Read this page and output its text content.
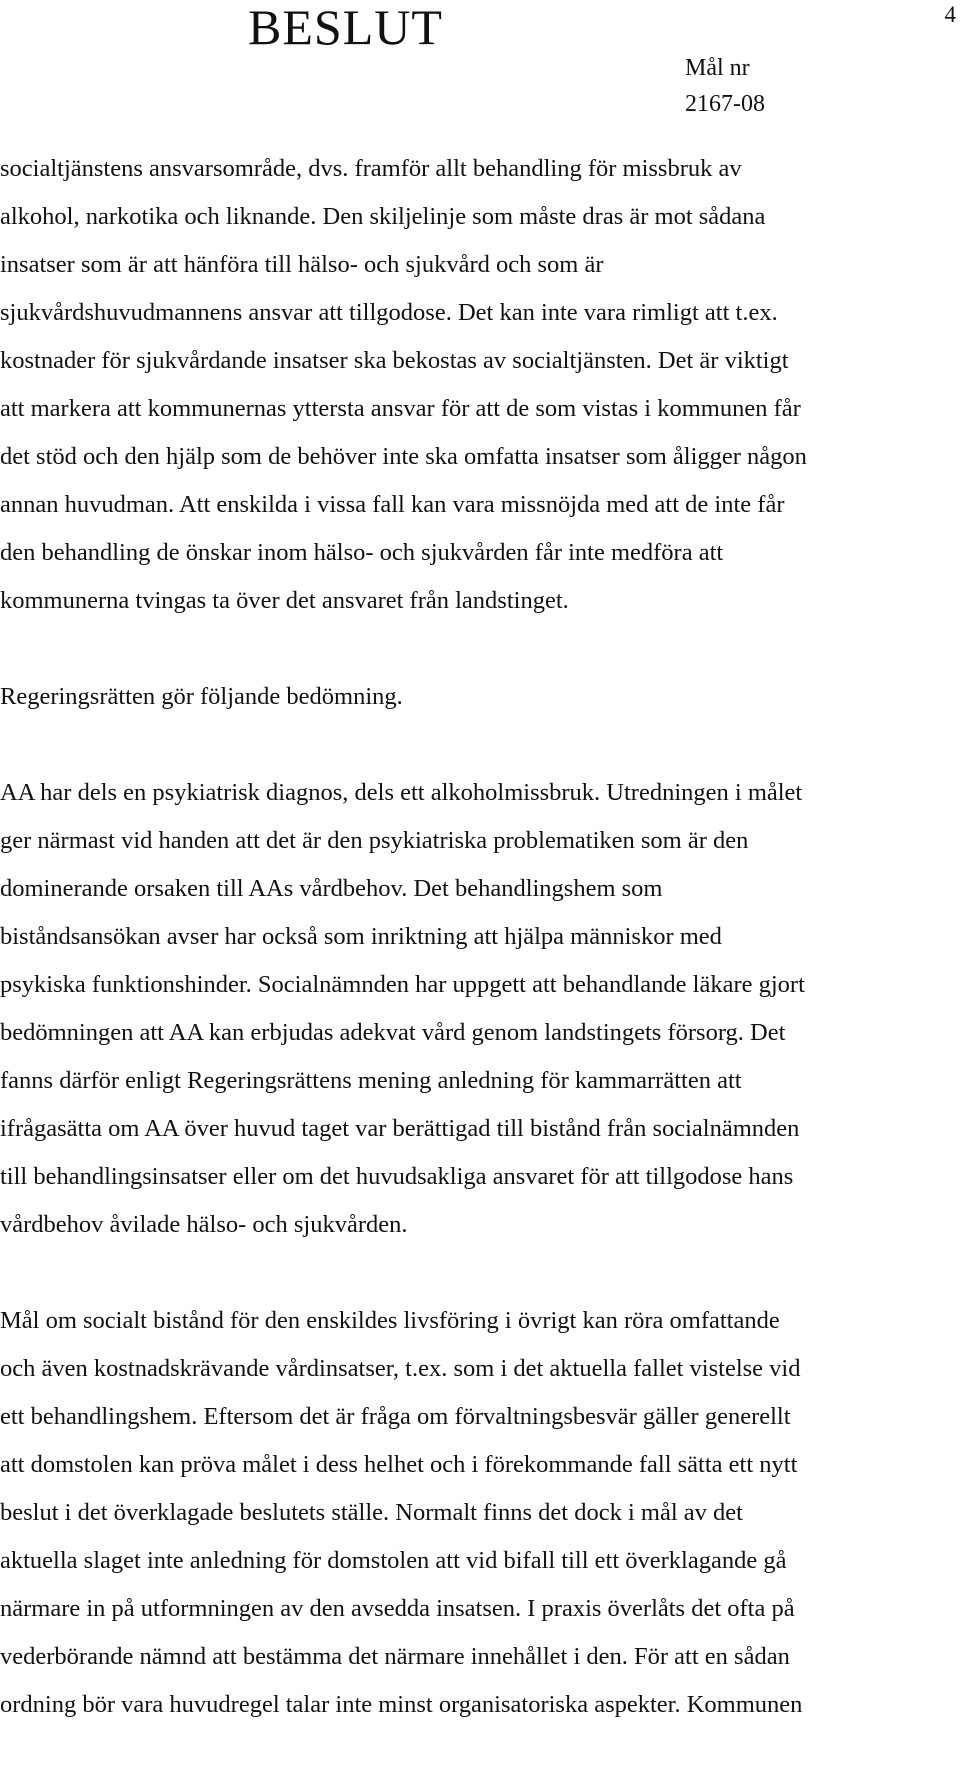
BESLUT	4
Mål nr
2167-08

socialtjänstens ansvarsområde, dvs. framför allt behandling för missbruk av
alkohol, narkotika och liknande. Den skiljelinje som måste dras är mot sådana
insatser som är att hänföra till hälso- och sjukvård och som är
sjukvårdshuvudmannens ansvar att tillgodose. Det kan inte vara rimligt att t.ex.
kostnader för sjukvårdande insatser ska bekostas av socialtjänsten. Det är viktigt
att markera att kommunernas yttersta ansvar för att de som vistas i kommunen får
det stöd och den hjälp som de behöver inte ska omfatta insatser som åligger någon
annan huvudman. Att enskilda i vissa fall kan vara missnöjda med att de inte får
den behandling de önskar inom hälso- och sjukvården får inte medföra att
kommunerna tvingas ta över det ansvaret från landstinget.

Regeringsrätten gör följande bedömning.

AA har dels en psykiatrisk diagnos, dels ett alkoholmissbruk. Utredningen i målet
ger närmast vid handen att det är den psykiatriska problematiken som är den
dominerande orsaken till AAs vårdbehov. Det behandlingshem som
biståndsansökan avser har också som inriktning att hjälpa människor med
psykiska funktionshinder. Socialnämnden har uppgett att behandlande läkare gjort
bedömningen att AA kan erbjudas adekvat vård genom landstingets försorg. Det
fanns därför enligt Regeringsrättens mening anledning för kammarrätten att
ifrågasätta om AA över huvud taget var berättigad till bistånd från socialnämnden
till behandlingsinsatser eller om det huvudsakliga ansvaret för att tillgodose hans
vårdbehov åvilade hälso- och sjukvården.

Mål om socialt bistånd för den enskildes livsföring i övrigt kan röra omfattande
och även kostnadskrävande vårdinsatser, t.ex. som i det aktuella fallet vistelse vid
ett behandlingshem. Eftersom det är fråga om förvaltningsbesvär gäller generellt
att domstolen kan pröva målet i dess helhet och i förekommande fall sätta ett nytt
beslut i det överklagade beslutets ställe. Normalt finns det dock i mål av det
aktuella slaget inte anledning för domstolen att vid bifall till ett överklagande gå
närmare in på utformningen av den avsedda insatsen. I praxis överlåts det ofta på
vederbörande nämnd att bestämma det närmare innehållet i den. För att en sådan
ordning bör vara huvudregel talar inte minst organisatoriska aspekter. Kommunen
